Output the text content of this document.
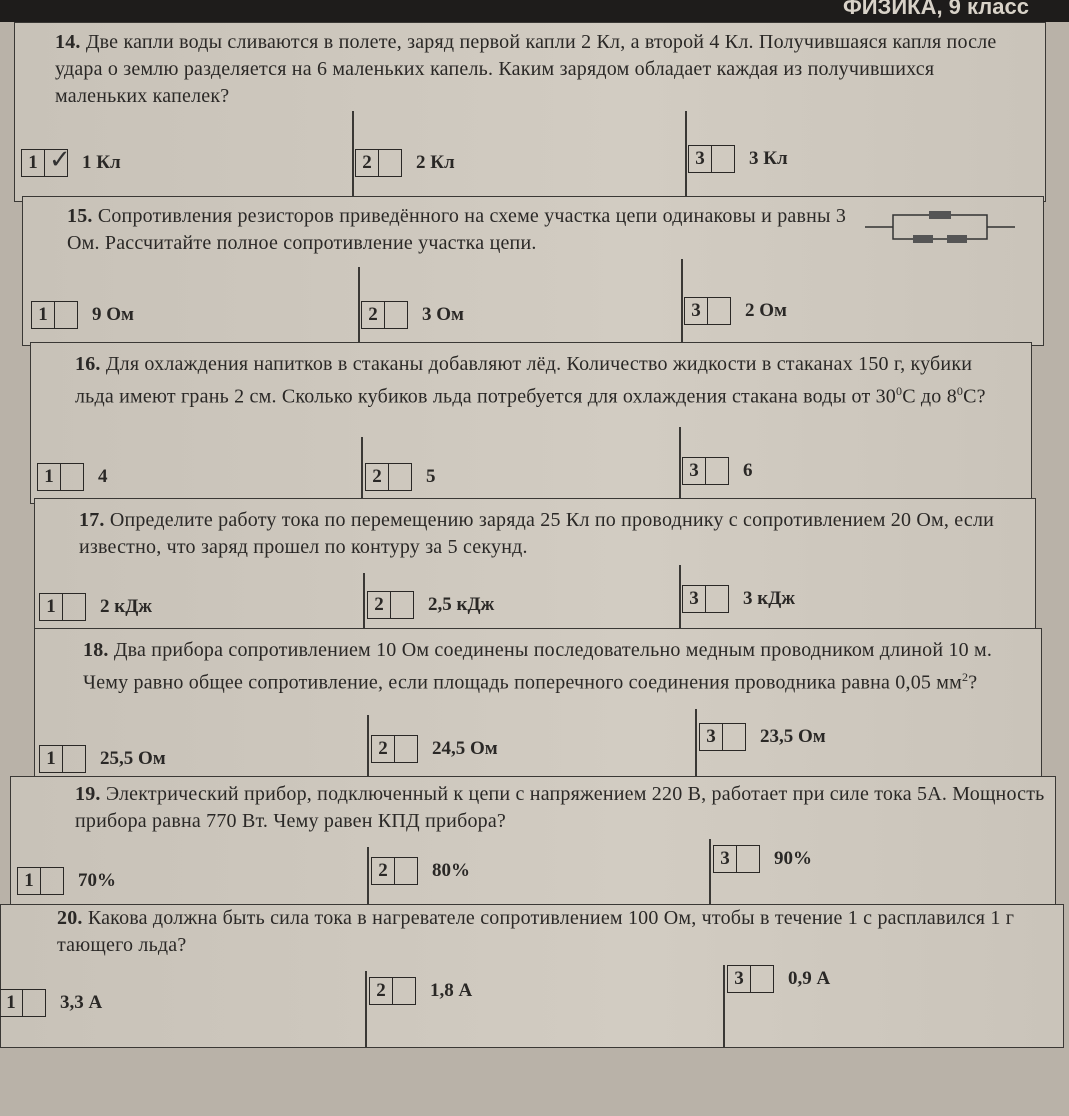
ФИЗИКА, 9 класс
14. Две капли воды сливаются в полете, заряд первой капли 2 Кл, а второй 4 Кл. Получившаяся капля после удара о землю разделяется на 6 маленьких капель. Каким зарядом обладает каждая из получившихся маленьких капелек?
1	1 Кл
✓	2	2 Кл	3	3 Кл
15. Сопротивления резисторов приведённого на схеме участка цепи одинаковы и равны 3 Ом. Рассчитайте полное сопротивление участка цепи.
1	9 Ом	2	3 Ом	3	2 Ом
16. Для охлаждения напитков в стаканы добавляют лёд. Количество жидкости в стаканах 150 г, кубики льда имеют грань 2 см. Сколько кубиков льда потребуется для охлаждения стакана воды от $30^0С$ до $8^0С$?
1	4	2	5	3	6
17. Определите работу тока по перемещению заряда 25 Кл по проводнику с сопротивлением 20 Ом, если известно, что заряд прошел по контуру за 5 секунд.
1	2 кДж	2	2,5 кДж	3	3 кДж
18. Два прибора сопротивлением 10 Ом соединены последовательно медным проводником длиной 10 м. Чему равно общее сопротивление, если площадь поперечного соединения проводника равна 0,05 $мм^2$?
1	25,5 Ом	2	24,5 Ом
3	23,5 Ом
19. Электрический прибор, подключенный к цепи с напряжением 220 В, работает при силе тока 5А. Мощность прибора равна 770 Вт. Чему равен КПД прибора?
1	70%	2	80%
3	90%
20. Какова должна быть сила тока в нагревателе сопротивлением 100 Ом, чтобы в течение 1 с расплавился 1 г тающего льда?
1	3,3 А
2	1,8 А
3	0,9 А
